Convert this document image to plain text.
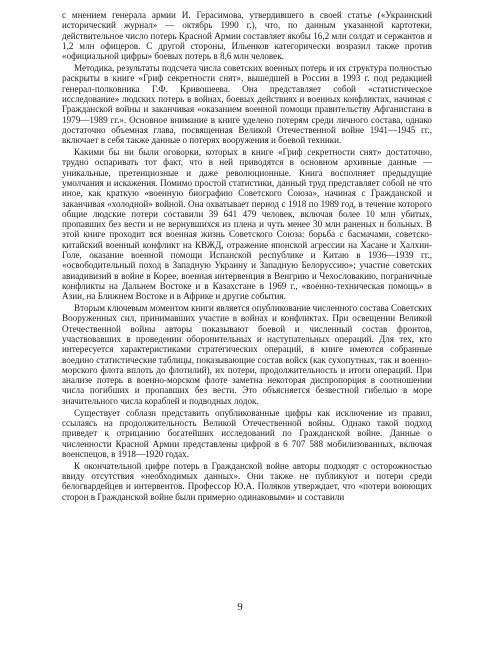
с мнением генерала армии И. Герасимова, утвердившего в своей статье («Украинский исторический журнал» — октябрь 1990 г.), что, по данным указанной картотеки, действительное число потерь Красной Армии составляет якобы 16,2 млн солдат и сержантов и 1,2 млн офицеров. С другой стороны, Ильенков категорически возразил также против «официальной цифры» боевых потерь в 8,6 млн человек.

Методика, результаты подсчета числа советских военных потерь и их структура полностью раскрыты в книге «Гриф секретности снят», вышедшей в России в 1993 г. под редакцией генерал-полковника Г.Ф. Кривошеева. Она представляет собой «статистическое исследование» людских потерь в войнах, боевых действиях и военных конфликтах, начиная с Гражданской войны и заканчивая «оказанием военной помощи правительству Афганистана в 1979—1989 гг.». Основное внимание в книге уделено потерям среди личного состава, однако достаточно объемная глава, посвященная Великой Отечественной войне 1941—1945 гг., включает в себя также данные о потерях вооружения и боевой техники.

Какими бы ни были оговорки, которых в книге «Гриф секретности снят» достаточно, трудно оспаривать тот факт, что в ней приводятся в основном архивные данные — уникальные, претенциозные и даже революционные. Книга восполняет предыдущие умолчания и искажения. Помимо простой статистики, данный труд представляет собой не что иное, как краткую «военную биографию Советского Союза», начиная с Гражданской и заканчивая «холодной» войной. Она охватывает период с 1918 по 1989 год, в течение которого общие людские потери составили 39 641 479 человек, включая более 10 млн убитых, пропавших без вести и не вернувшихся из плена и чуть менее 30 млн раненых и больных. В этой книге проходит вся военная жизнь Советского Союза: борьба с басмачами, советско-китайский военный конфликт на КВЖД, отражение японской агрессии на Хасане и Халхин-Голе, оказание военной помощи Испанской республике и Китаю в 1936—1939 гг., «освободительный поход в Западную Украину и Западную Белоруссию»; участие советских авиадивизий в войне в Корее, военная интервенция в Венгрию и Чехословакию, пограничные конфликты на Дальнем Востоке и в Казахстане в 1969 г., «военно-техническая помощь» в Азии, на Ближнем Востоке и в Африке и другие события.

Вторым ключевым моментом книги является опубликование численного состава Советских Вооруженных сил, принимавших участие в войнах и конфликтах. При освещении Великой Отечественной войны авторы показывают боевой и численный состав фронтов, участвовавших в проведении оборонительных и наступательных операций. Для тех, кто интересуется характеристиками стратегических операций, в книге имеются собранные воедино статистические таблицы, показывающие состав войск (как сухопутных, так и военно-морского флота вплоть до флотилий), их потери, продолжительность и итоги операций. При анализе потерь в военно-морском флоте заметна некоторая диспропорция в соотношении числа погибших и пропавших без вести. Это объясняется безвестной гибелью в море значительного числа кораблей и подводных лодок.

Существует соблазн представить опубликованные цифры как исключение из правил, ссылаясь на продолжительность Великой Отечественной войны. Однако такой подход приведет к отрицанию богатейших исследований по Гражданской войне. Данные о численности Красной Армии представлены цифрой в 6 707 588 мобилизованных, включая военспецов, в 1918—1920 годах.

К окончательной цифре потерь в Гражданской войне авторы подходят с осторожностью ввиду отсутствия «необходимых данных». Они также не публикуют и потери среди белогвардейцев и интервентов. Профессор Ю.А. Поляков утверждает, что «потери воюющих сторон в Гражданской войне были примерно одинаковыми» и составили

9
